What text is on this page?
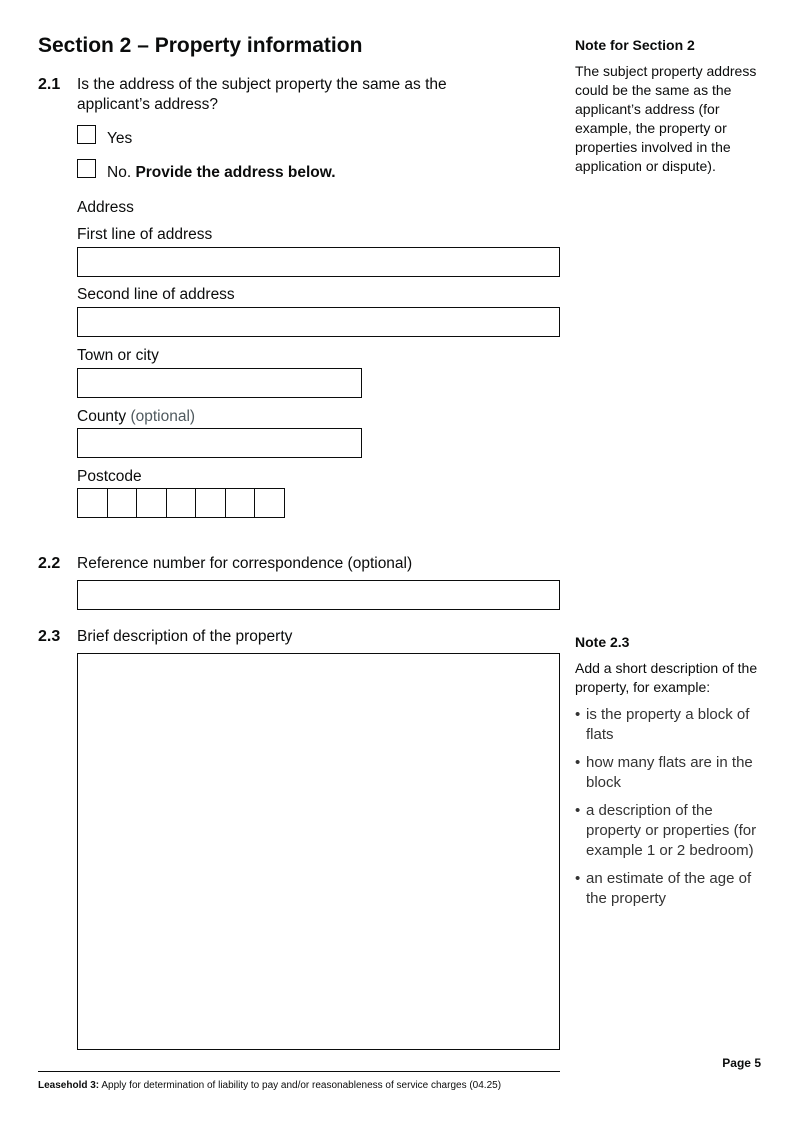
Section 2 – Property information
2.1 Is the address of the subject property the same as the applicant’s address?
Yes
No. Provide the address below.
Address
First line of address
Second line of address
Town or city
County (optional)
Postcode
2.2 Reference number for correspondence (optional)
2.3 Brief description of the property
Note for Section 2
The subject property address could be the same as the applicant’s address (for example, the property or properties involved in the application or dispute).
Note 2.3
Add a short description of the property, for example:
• is the property a block of flats
• how many flats are in the block
• a description of the property or properties (for example 1 or 2 bedroom)
• an estimate of the age of the property
Page 5
Leasehold 3: Apply for determination of liability to pay and/or reasonableness of service charges (04.25)
